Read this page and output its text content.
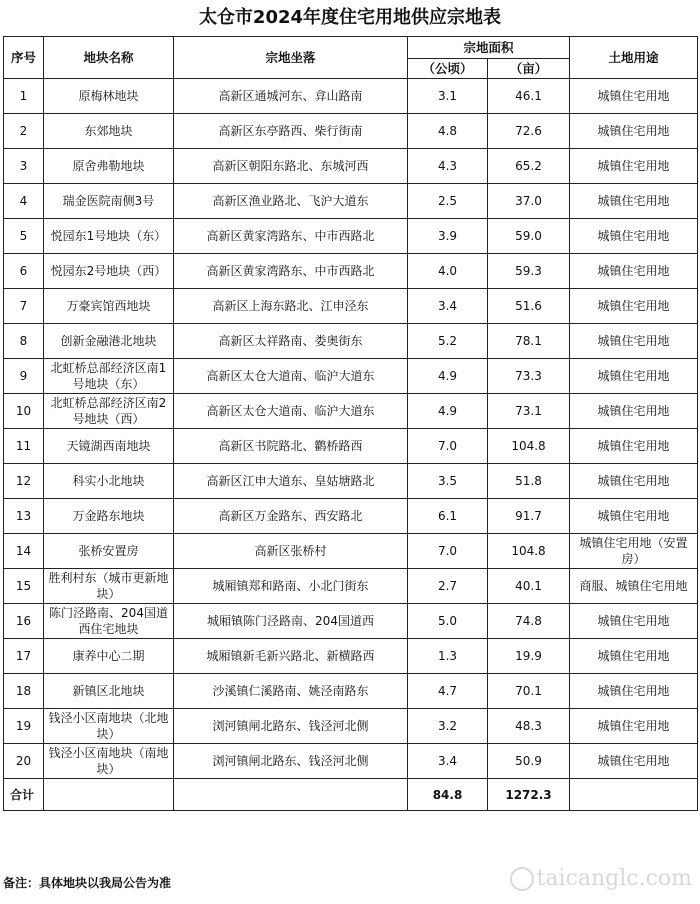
太仓市2024年度住宅用地供应宗地表
序号	地块名称	宗地坐落	宗地面积		土地用途
			（公顷）	（亩）	
1	原梅林地块	高新区通城河东、弇山路南	3.1	46.1	城镇住宅用地
2	东郊地块	高新区东亭路西、柴行街南	4.8	72.6	城镇住宅用地
3	原舍弗勒地块	高新区朝阳东路北、东城河西	4.3	65.2	城镇住宅用地
4	瑞金医院南侧3号	高新区渔业路北、飞沪大道东	2.5	37.0	城镇住宅用地
5	悦园东1号地块（东）	高新区黄家湾路东、中市西路北	3.9	59.0	城镇住宅用地
6	悦园东2号地块（西）	高新区黄家湾路东、中市西路北	4.0	59.3	城镇住宅用地
7	万豪宾馆西地块	高新区上海东路北、江申泾东	3.4	51.6	城镇住宅用地
8	创新金融港北地块	高新区太祥路南、娄奥街东	5.2	78.1	城镇住宅用地
9	北虹桥总部经济区南1号地块（东）	高新区太仓大道南、临沪大道东	4.9	73.3	城镇住宅用地
10	北虹桥总部经济区南2号地块（西）	高新区太仓大道南、临沪大道东	4.9	73.1	城镇住宅用地
11	天镜湖西南地块	高新区书院路北、鹳桥路西	7.0	104.8	城镇住宅用地
12	科实小北地块	高新区江申大道东、皇姑塘路北	3.5	51.8	城镇住宅用地
13	万金路东地块	高新区万金路东、西安路北	6.1	91.7	城镇住宅用地
14	张桥安置房	高新区张桥村	7.0	104.8	城镇住宅用地（安置房）
15	胜利村东（城市更新地块）	城厢镇郑和路南、小北门街东	2.7	40.1	商服、城镇住宅用地
16	陈门泾路南、204国道西住宅地块	城厢镇陈门泾路南、204国道西	5.0	74.8	城镇住宅用地
17	康养中心二期	城厢镇新毛新兴路北、新横路西	1.3	19.9	城镇住宅用地
18	新镇区北地块	沙溪镇仁溪路南、姚泾南路东	4.7	70.1	城镇住宅用地
19	钱泾小区南地块（北地块）	浏河镇闸北路东、钱泾河北侧	3.2	48.3	城镇住宅用地
20	钱泾小区南地块（南地块）	浏河镇闸北路东、钱泾河北侧	3.4	50.9	城镇住宅用地
合计			84.8	1272.3	
备注：具体地块以我局公告为准	taicanglc.com
